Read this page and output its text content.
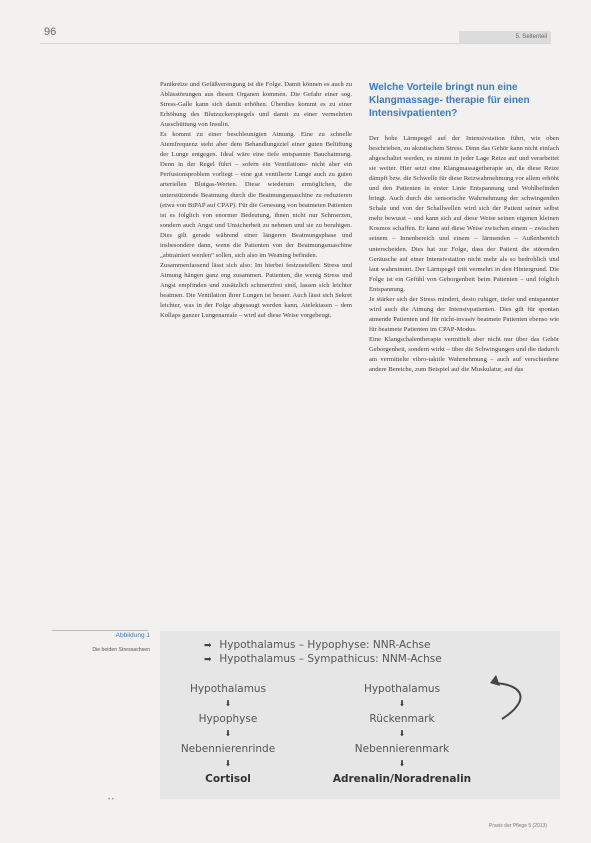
96	5. Seitenteil

Panikreize und Gefäßverengung ist die Folge. Damit können es auch zu Ablässtörungen aus diesen Organen kommen. Die Gefahr einer sog. Stress-Galle kann sich damit erhöhen. Überdies kommt es zu einer Erhöhung des Blutzuckerspiegels und damit zu einer vermehrten Ausschüttung von Insulin.

Es kommt zu einer beschleunigten Atmung. Eine zu schnelle Atemfrequenz steht aber dem Behandlungsziel einer guten Belüftung der Lunge entgegen. Ideal wäre eine tiefe entspannte Bauchatmung. Denn in der Regel führt – sofern ein Ventilations- nicht aber ein Perfusionsproblem vorliegt – eine gut ventilierte Lunge auch zu guten arteriellen Blutgas-Werten. Diese wiederum ermöglichen, die unterstützende Beatmung durch die Beatmungsmaschine zu reduzieren (etwa von BiPAP auf CPAP). Für die Genesung von beatmeten Patienten ist es folglich von enormer Bedeutung, ihnen nicht nur Schmerzen, sondern auch Angst und Unsicherheit zu nehmen und sie zu beruhigen. Dies gilt gerade während einer längeren Beatmungsphase und insbesondere dann, wenn die Patienten von der Beatmungsmaschine „abtrainiert werden“ sollen, sich also im Weaning befinden.

Zusammenfassend lässt sich also: Im hierbei festzustellen: Stress und Atmung hängen ganz eng zusammen. Patienten, die wenig Stress und Angst empfinden und zusätzlich schmerzfrei sind, lassen sich leichter beatmen. Die Ventilation ihrer Lungen ist besser. Auch lässt sich Sekret leichter, was in der Folge abgesaugt werden kann. Atelektasen – dem Kollaps ganzer Lungenareale – wird auf diese Weise vorgebeugt.

Welche Vorteile bringt nun eine Klangmassage- therapie für einen Intensivpatienten?

Der hohe Lärmpegel auf der Intensivstation führt, wie oben beschrieben, zu akustischem Stress. Denn das Gehör kann nicht einfach abgeschaltet werden, es nimmt in jeder Lage Reize auf und verarbeitet sie weiter. Hier setzt eine Klangmassagetherapie an, die diese Reize dämpft bzw. die Schwelle für diese Reizwahrnehmung vor allem erhöht und den Patienten in erster Linie Entspannung und Wohlbefinden bringt. Auch durch die sensorische Wahrnehmung der schwingenden Schale und von der Schallwellen wird sich der Patient seiner selbst mehr bewusst – und kann sich auf diese Weise seinen eigenen kleinen Kosmos schaffen. Er kann auf diese Weise zwischen einem – zwischen seinem – Innenbereich und einem – lärmenden – Außenbereich unterscheiden. Dies hat zur Folge, dass der Patient die störenden Geräusche auf einer Intensivstation nicht mehr als so bedrohlich und laut wahrnimmt. Der Lärmpegel tritt vermehrt in den Hintergrund. Die Folge ist ein Gefühl von Geborgenheit beim Patienten – und folglich Entspannung.

Je stärker sich der Stress mindert, desto ruhiger, tiefer und entspannter wird auch die Atmung der Intensivpatienten. Dies gilt für spontan atmende Patienten und für nicht-invasiv beatmete Patienten ebenso wie für beatmete Patienten im CPAP-Modus.

Eine Klangschalentherapie vermittelt aber nicht nur über das Gehör Geborgenheit, sondern wirkt – über die Schwingungen und die dadurch am vermittelte vibro-taktile Wahrnehmung – auch auf verschiedene andere Bereiche, zum Beispiel auf die Muskulatur, auf das

Abbildung 1
Die beiden Stressachsen	➡ Hypothalamus – Hypophyse: NNR-Achse
➡ Hypothalamus – Sympathicus: NNM-Achse
Hypothalamus
⬇
Hypophyse
⬇
Nebennierenrinde
⬇
Cortisol
Hypothalamus
⬇
Rückenmark
⬇
Nebennierenmark
⬇
Adrenalin/Noradrenalin
• •
Praxis der Pflege 5 (2013)
